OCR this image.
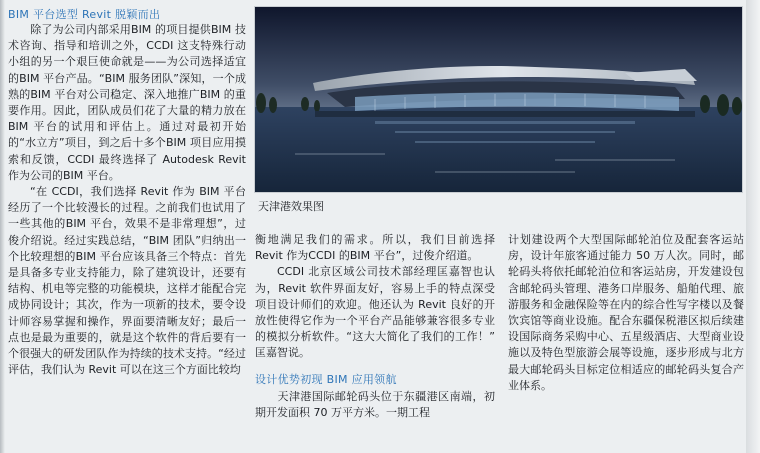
BIM 平台选型 Revit 脱颖而出

除了为公司内部采用BIM 的项目提供BIM 技术咨询、指导和培训之外，CCDI 这支特殊行动小组的另一个艰巨使命就是——为公司选择适宜的BIM 平台产品。“BIM 服务团队”深知，一个成熟的BIM 平台对公司稳定、深入地推广BIM 的重要作用。因此，团队成员们花了大量的精力放在BIM 平台的试用和评估上。通过对最初开始的“水立方”项目，到之后十多个BIM 项目应用摸索和反馈，CCDI 最终选择了 Autodesk Revit 作为公司的BIM 平台。

“在 CCDI，我们选择 Revit 作为 BIM 平台经历了一个比较漫长的过程。之前我们也试用了一些其他的BIM 平台，效果不是非常理想”，过俊介绍说。经过实践总结，“BIM 团队”归纳出一个比较理想的BIM 平台应该具备三个特点：首先是具备多专业支持能力，除了建筑设计，还要有结构、机电等完整的功能模块，这样才能配合完成协同设计；其次，作为一项新的技术，要令设计师容易掌握和操作，界面要清晰友好；最后一点也是最为重要的，就是这个软件的背后要有一个很强大的研发团队作为持续的技术支持。“经过评估，我们认为 Revit 可以在这三个方面比较均

天津港效果图

衡地满足我们的需求。所以，我们目前选择 Revit 作为CCDI 的BIM 平台”，过俊介绍道。

CCDI 北京区域公司技术部经理匡嘉智也认为，Revit 软件界面友好，容易上手的特点深受项目设计师们的欢迎。他还认为 Revit 良好的开放性使得它作为一个平台产品能够兼容很多专业的模拟分析软件。“这大大简化了我们的工作！” 匡嘉智说。

设计优势初现 BIM 应用领航

天津港国际邮轮码头位于东疆港区南端，初期开发面积 70 万平方米。一期工程

计划建设两个大型国际邮轮泊位及配套客运站房，设计年旅客通过能力 50 万人次。同时，邮轮码头将依托邮轮泊位和客运站房，开发建设包含邮轮码头管理、港务口岸服务、船舶代理、旅游服务和金融保险等在内的综合性写字楼以及餐饮宾馆等商业设施。配合东疆保税港区拟后续建设国际商务采购中心、五星级酒店、大型商业设施以及特色型旅游会展等设施，逐步形成与北方最大邮轮码头目标定位相适应的邮轮码头复合产业体系。
